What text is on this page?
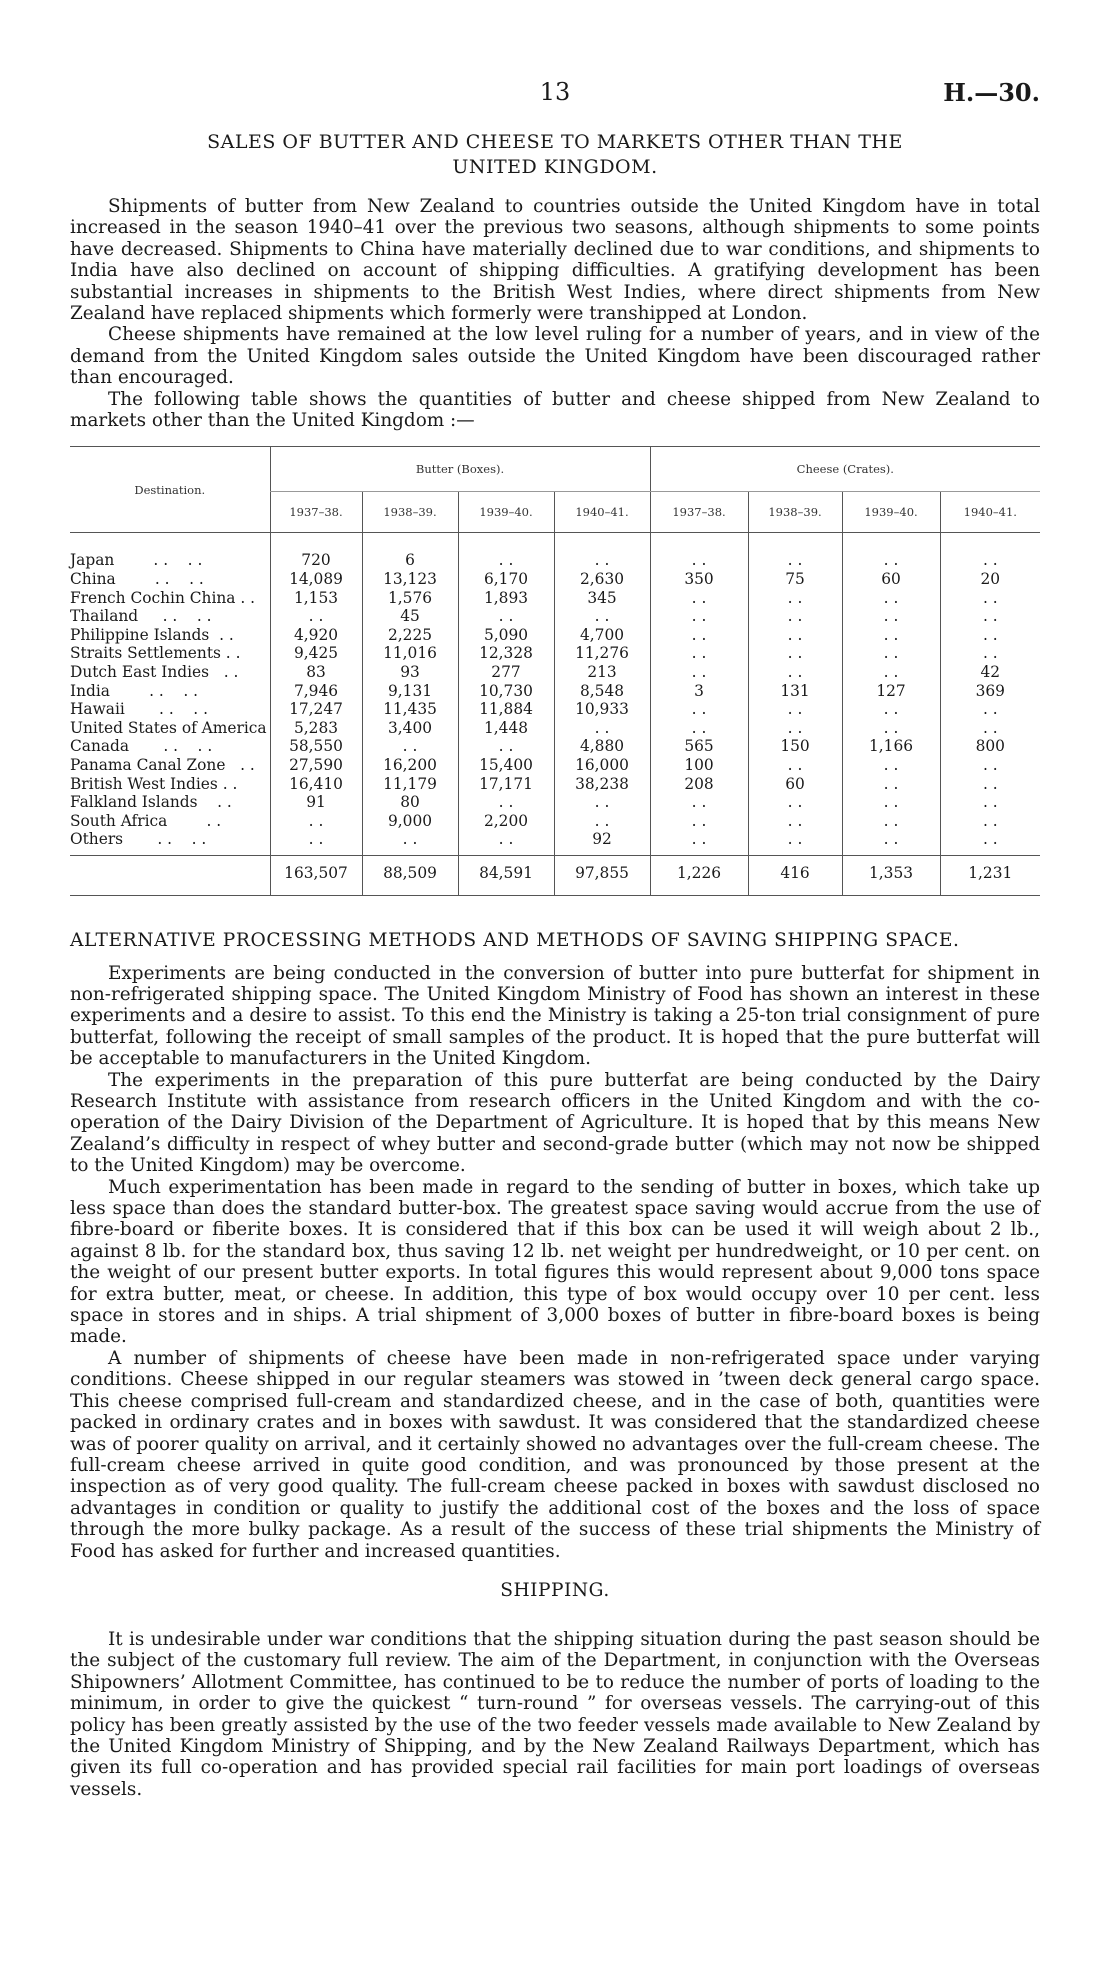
13	H.—30.
SALES OF BUTTER AND CHEESE TO MARKETS OTHER THAN THE
UNITED KINGDOM.

Shipments of butter from New Zealand to countries outside the United Kingdom have in total increased in the season 1940–41 over the previous two seasons, although shipments to some points have decreased. Shipments to China have materially declined due to war conditions, and shipments to India have also declined on account of shipping difficulties. A gratifying development has been substantial increases in shipments to the British West Indies, where direct shipments from New Zealand have replaced shipments which formerly were transhipped at London.

Cheese shipments have remained at the low level ruling for a number of years, and in view of the demand from the United Kingdom sales outside the United Kingdom have been discouraged rather than encouraged.

The following table shows the quantities of butter and cheese shipped from New Zealand to markets other than the United Kingdom :—

Destination.	Butter (Boxes).				Cheese (Crates).			
	1937–38.	1938–39.	1939–40.	1940–41.	1937–38.	1938–39.	1939–40.	1940–41.
Japan        . .    . .	720	6	. .	. .	. .	. .	. .	. .
China        . .    . .	14,089	13,123	6,170	2,630	350	75	60	20
French Cochin China . .	1,153	1,576	1,893	345	. .	. .	. .	. .
Thailand     . .    . .	. .	45	. .	. .	. .	. .	. .	. .
Philippine Islands  . .	4,920	2,225	5,090	4,700	. .	. .	. .	. .
Straits Settlements . .	9,425	11,016	12,328	11,276	. .	. .	. .	. .
Dutch East Indies   . .	83	93	277	213	. .	. .	. .	42
India        . .    . .	7,946	9,131	10,730	8,548	3	131	127	369
Hawaii       . .    . .	17,247	11,435	11,884	10,933	. .	. .	. .	. .
United States of America	5,283	3,400	1,448	. .	. .	. .	. .	. .
Canada       . .    . .	58,550	. .	. .	4,880	565	150	1,166	800
Panama Canal Zone   . .	27,590	16,200	15,400	16,000	100	. .	. .	. .
British West Indies . .	16,410	11,179	17,171	38,238	208	60	. .	. .
Falkland Islands    . .	91	80	. .	. .	. .	. .	. .	. .
South Africa        . .	. .	9,000	2,200	. .	. .	. .	. .	. .
Others       . .    . .	. .	. .	. .	92	. .	. .	. .	. .
	163,507	88,509	84,591	97,855	1,226	416	1,353	1,231
ALTERNATIVE PROCESSING METHODS AND METHODS OF SAVING SHIPPING SPACE.

Experiments are being conducted in the conversion of butter into pure butterfat for shipment in non-refrigerated shipping space. The United Kingdom Ministry of Food has shown an interest in these experiments and a desire to assist. To this end the Ministry is taking a 25-ton trial consignment of pure butterfat, following the receipt of small samples of the product. It is hoped that the pure butterfat will be acceptable to manufacturers in the United Kingdom.

The experiments in the preparation of this pure butterfat are being conducted by the Dairy Research Institute with assistance from research officers in the United Kingdom and with the co-operation of the Dairy Division of the Department of Agriculture. It is hoped that by this means New Zealand’s difficulty in respect of whey butter and second-grade butter (which may not now be shipped to the United Kingdom) may be overcome.

Much experimentation has been made in regard to the sending of butter in boxes, which take up less space than does the standard butter-box. The greatest space saving would accrue from the use of fibre-board or fiberite boxes. It is considered that if this box can be used it will weigh about 2 lb., against 8 lb. for the standard box, thus saving 12 lb. net weight per hundredweight, or 10 per cent. on the weight of our present butter exports. In total figures this would represent about 9,000 tons space for extra butter, meat, or cheese. In addition, this type of box would occupy over 10 per cent. less space in stores and in ships. A trial shipment of 3,000 boxes of butter in fibre-board boxes is being made.

A number of shipments of cheese have been made in non-refrigerated space under varying conditions. Cheese shipped in our regular steamers was stowed in ’tween deck general cargo space. This cheese comprised full-cream and standardized cheese, and in the case of both, quantities were packed in ordinary crates and in boxes with sawdust. It was considered that the standardized cheese was of poorer quality on arrival, and it certainly showed no advantages over the full-cream cheese. The full-cream cheese arrived in quite good condition, and was pronounced by those present at the inspection as of very good quality. The full-cream cheese packed in boxes with sawdust disclosed no advantages in condition or quality to justify the additional cost of the boxes and the loss of space through the more bulky package. As a result of the success of these trial shipments the Ministry of Food has asked for further and increased quantities.

SHIPPING.

It is undesirable under war conditions that the shipping situation during the past season should be the subject of the customary full review. The aim of the Department, in conjunction with the Overseas Shipowners’ Allotment Committee, has continued to be to reduce the number of ports of loading to the minimum, in order to give the quickest “ turn-round ” for overseas vessels. The carrying-out of this policy has been greatly assisted by the use of the two feeder vessels made available to New Zealand by the United Kingdom Ministry of Shipping, and by the New Zealand Railways Department, which has given its full co-operation and has provided special rail facilities for main port loadings of overseas vessels.
